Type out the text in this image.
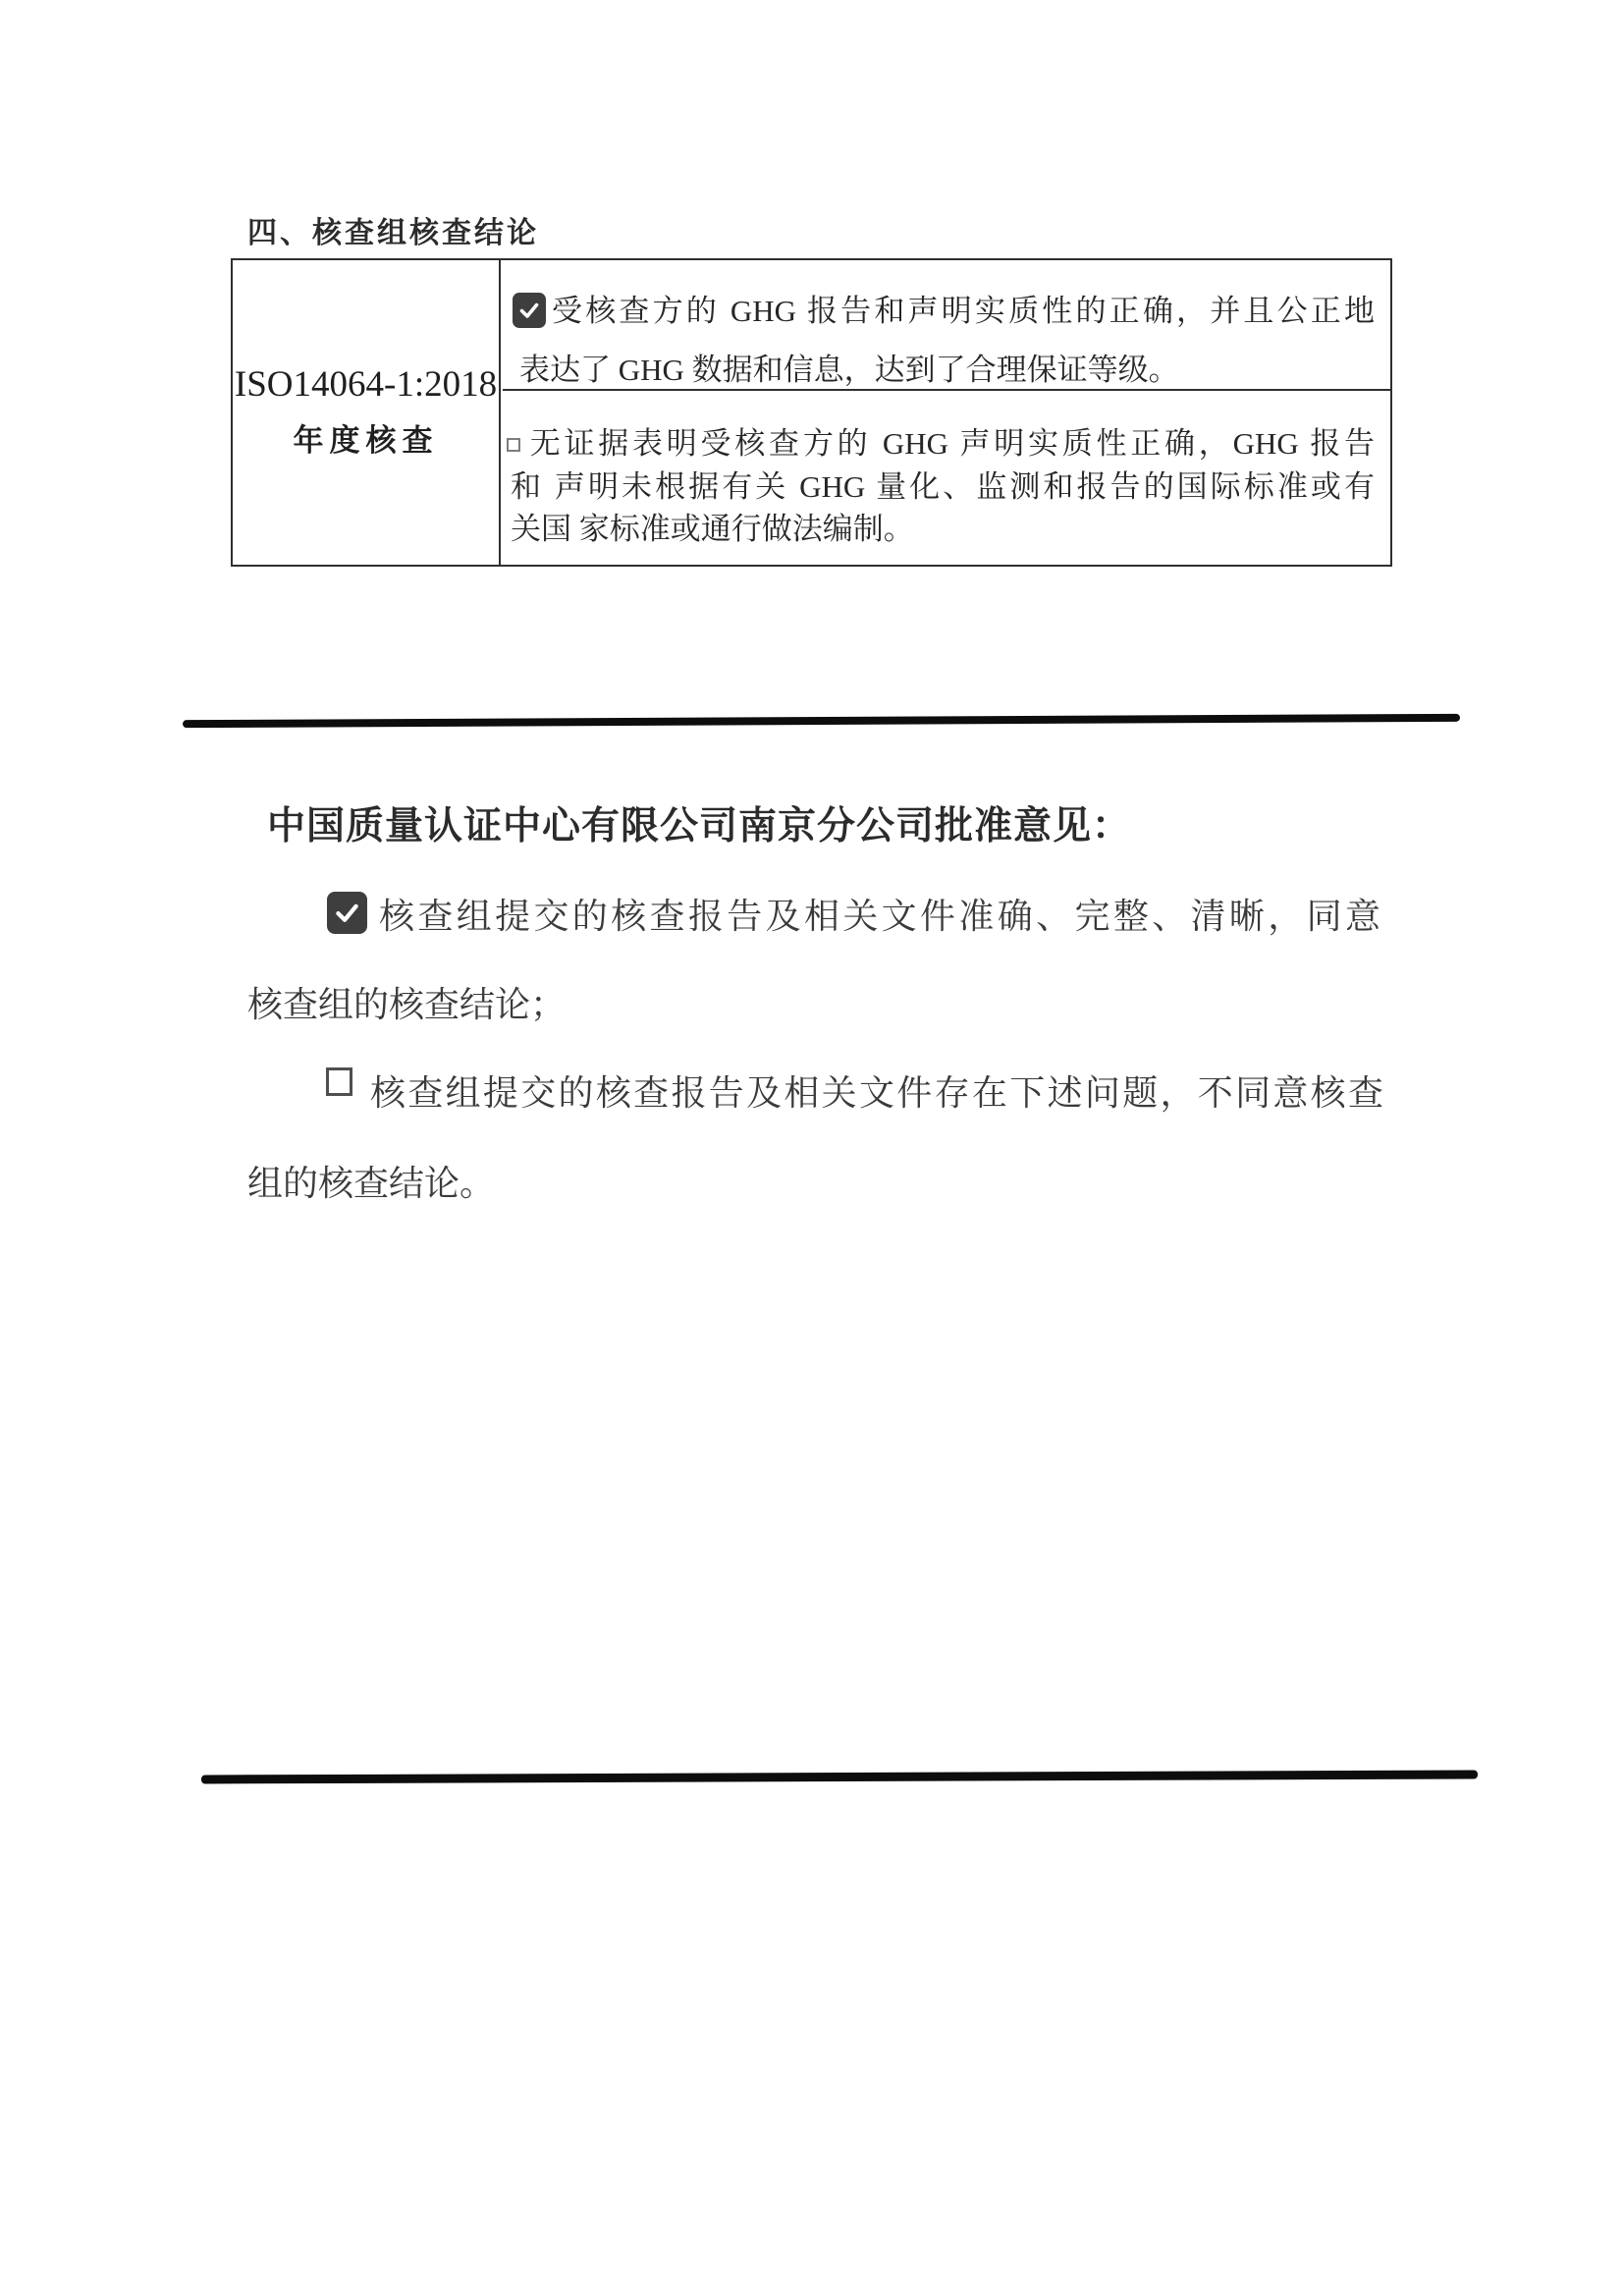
四、核查组核查结论
ISO14064-1:2018
年度核查
受核查方的 GHG 报告和声明实质性的正确，并且公正地
表达了 GHG 数据和信息，达到了合理保证等级。
无证据表明受核查方的 GHG 声明实质性正确，GHG 报告
和 声明未根据有关 GHG 量化、监测和报告的国际标准或有
关国 家标准或通行做法编制。
中国质量认证中心有限公司南京分公司批准意见：
核查组提交的核查报告及相关文件准确、完整、清晰，同意
核查组的核查结论；
核查组提交的核查报告及相关文件存在下述问题，不同意核查
组的核查结论。
